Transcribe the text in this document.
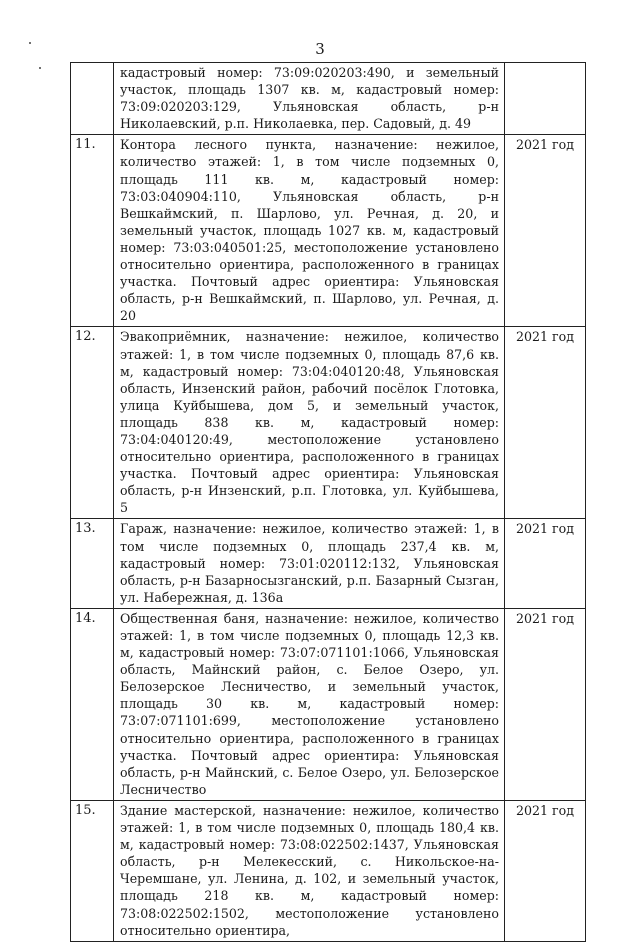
3
	кадастровый номер: 73:09:020203:490, и земельный участок, площадь 1307 кв. м, кадастровый номер: 73:09:020203:129, Ульяновская область, р-н Николаевский, р.п. Николаевка, пер. Садовый, д. 49	
11.	Контора лесного пункта, назначение: нежилое, количество этажей: 1, в том числе подземных 0, площадь 111 кв. м, кадастровый номер: 73:03:040904:110, Ульяновская область, р-н Вешкаймский, п. Шарлово, ул. Речная, д. 20, и земельный участок, площадь 1027 кв. м, кадастровый номер: 73:03:040501:25, местоположение установлено относительно ориентира, расположенного в границах участка. Почтовый адрес ориентира: Ульяновская область, р-н Вешкаймский, п. Шарлово, ул. Речная, д. 20	2021 год
12.	Эвакоприёмник, назначение: нежилое, количество этажей: 1, в том числе подземных 0, площадь 87,6 кв. м, кадастровый номер: 73:04:040120:48, Ульяновская область, Инзенский район, рабочий посёлок Глотовка, улица Куйбышева, дом 5, и земельный участок, площадь 838 кв. м, кадастровый номер: 73:04:040120:49, местоположение установлено относительно ориентира, расположенного в границах участка. Почтовый адрес ориентира: Ульяновская область, р-н Инзенский, р.п. Глотовка, ул. Куйбышева, 5	2021 год
13.	Гараж, назначение: нежилое, количество этажей: 1, в том числе подземных 0, площадь 237,4 кв. м, кадастровый номер: 73:01:020112:132, Ульяновская область, р-н Базарносызганский, р.п. Базарный Сызган, ул. Набережная, д. 136а	2021 год
14.	Общественная баня, назначение: нежилое, количество этажей: 1, в том числе подземных 0, площадь 12,3 кв. м, кадастровый номер: 73:07:071101:1066, Ульяновская область, Майнский район, с. Белое Озеро, ул. Белозерское Лесничество, и земельный участок, площадь 30 кв. м, кадастровый номер: 73:07:071101:699, местоположение установлено относительно ориентира, расположенного в границах участка. Почтовый адрес ориентира: Ульяновская область, р-н Майнский, с. Белое Озеро, ул. Белозерское Лесничество	2021 год
15.	Здание мастерской, назначение: нежилое, количество этажей: 1, в том числе подземных 0, площадь 180,4 кв. м, кадастровый номер: 73:08:022502:1437, Ульяновская область, р-н Мелекесский, с. Никольское-на-Черемшане, ул. Ленина, д. 102, и земельный участок, площадь 218 кв. м, кадастровый номер: 73:08:022502:1502, местоположение установлено относительно ориентира,	2021 год
